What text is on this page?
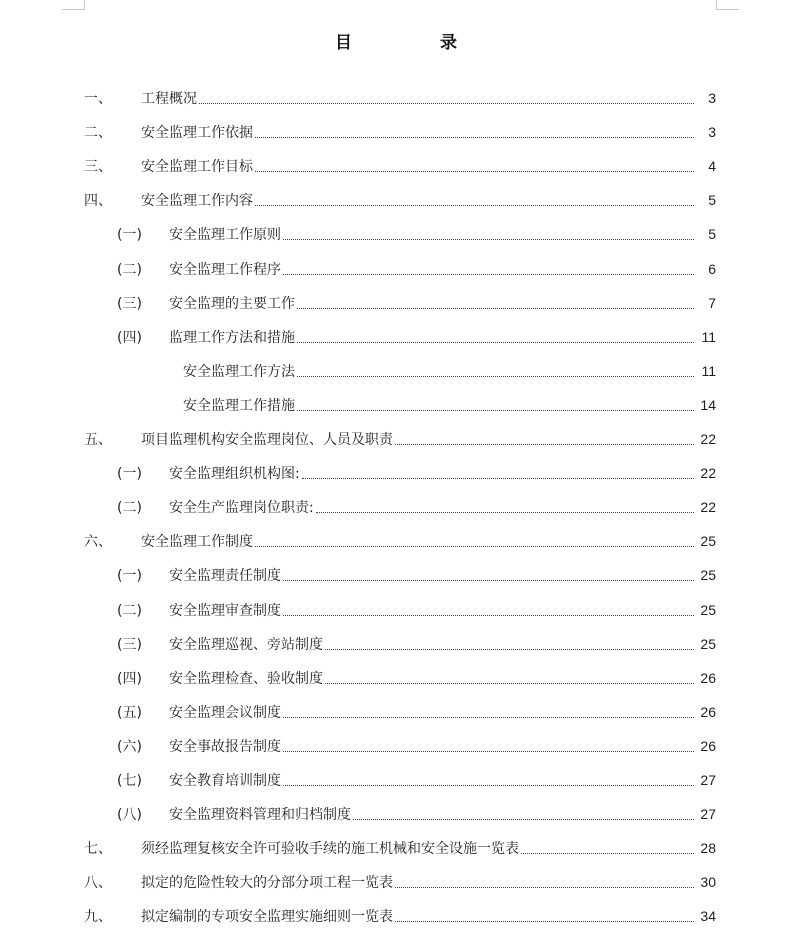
目	录
一、 工程概况	3
二、 安全监理工作依据	3
三、 安全监理工作目标	4
四、 安全监理工作内容	5
(一) 安全监理工作原则	5
(二) 安全监理工作程序	6
(三) 安全监理的主要工作	7
(四) 监理工作方法和措施	11
安全监理工作方法	11
安全监理工作措施	14
五、 项目监理机构安全监理岗位、人员及职责	22
(一) 安全监理组织机构图:	22
(二) 安全生产监理岗位职责:	22
六、 安全监理工作制度	25
(一) 安全监理责任制度	25
(二) 安全监理审查制度	25
(三) 安全监理巡视、旁站制度	25
(四) 安全监理检查、验收制度	26
(五) 安全监理会议制度	26
(六) 安全事故报告制度	26
(七) 安全教育培训制度	27
(八) 安全监理资料管理和归档制度	27
七、 须经监理复核安全许可验收手续的施工机械和安全设施一览表	28
八、 拟定的危险性较大的分部分项工程一览表	30
九、 拟定编制的专项安全监理实施细则一览表	34
